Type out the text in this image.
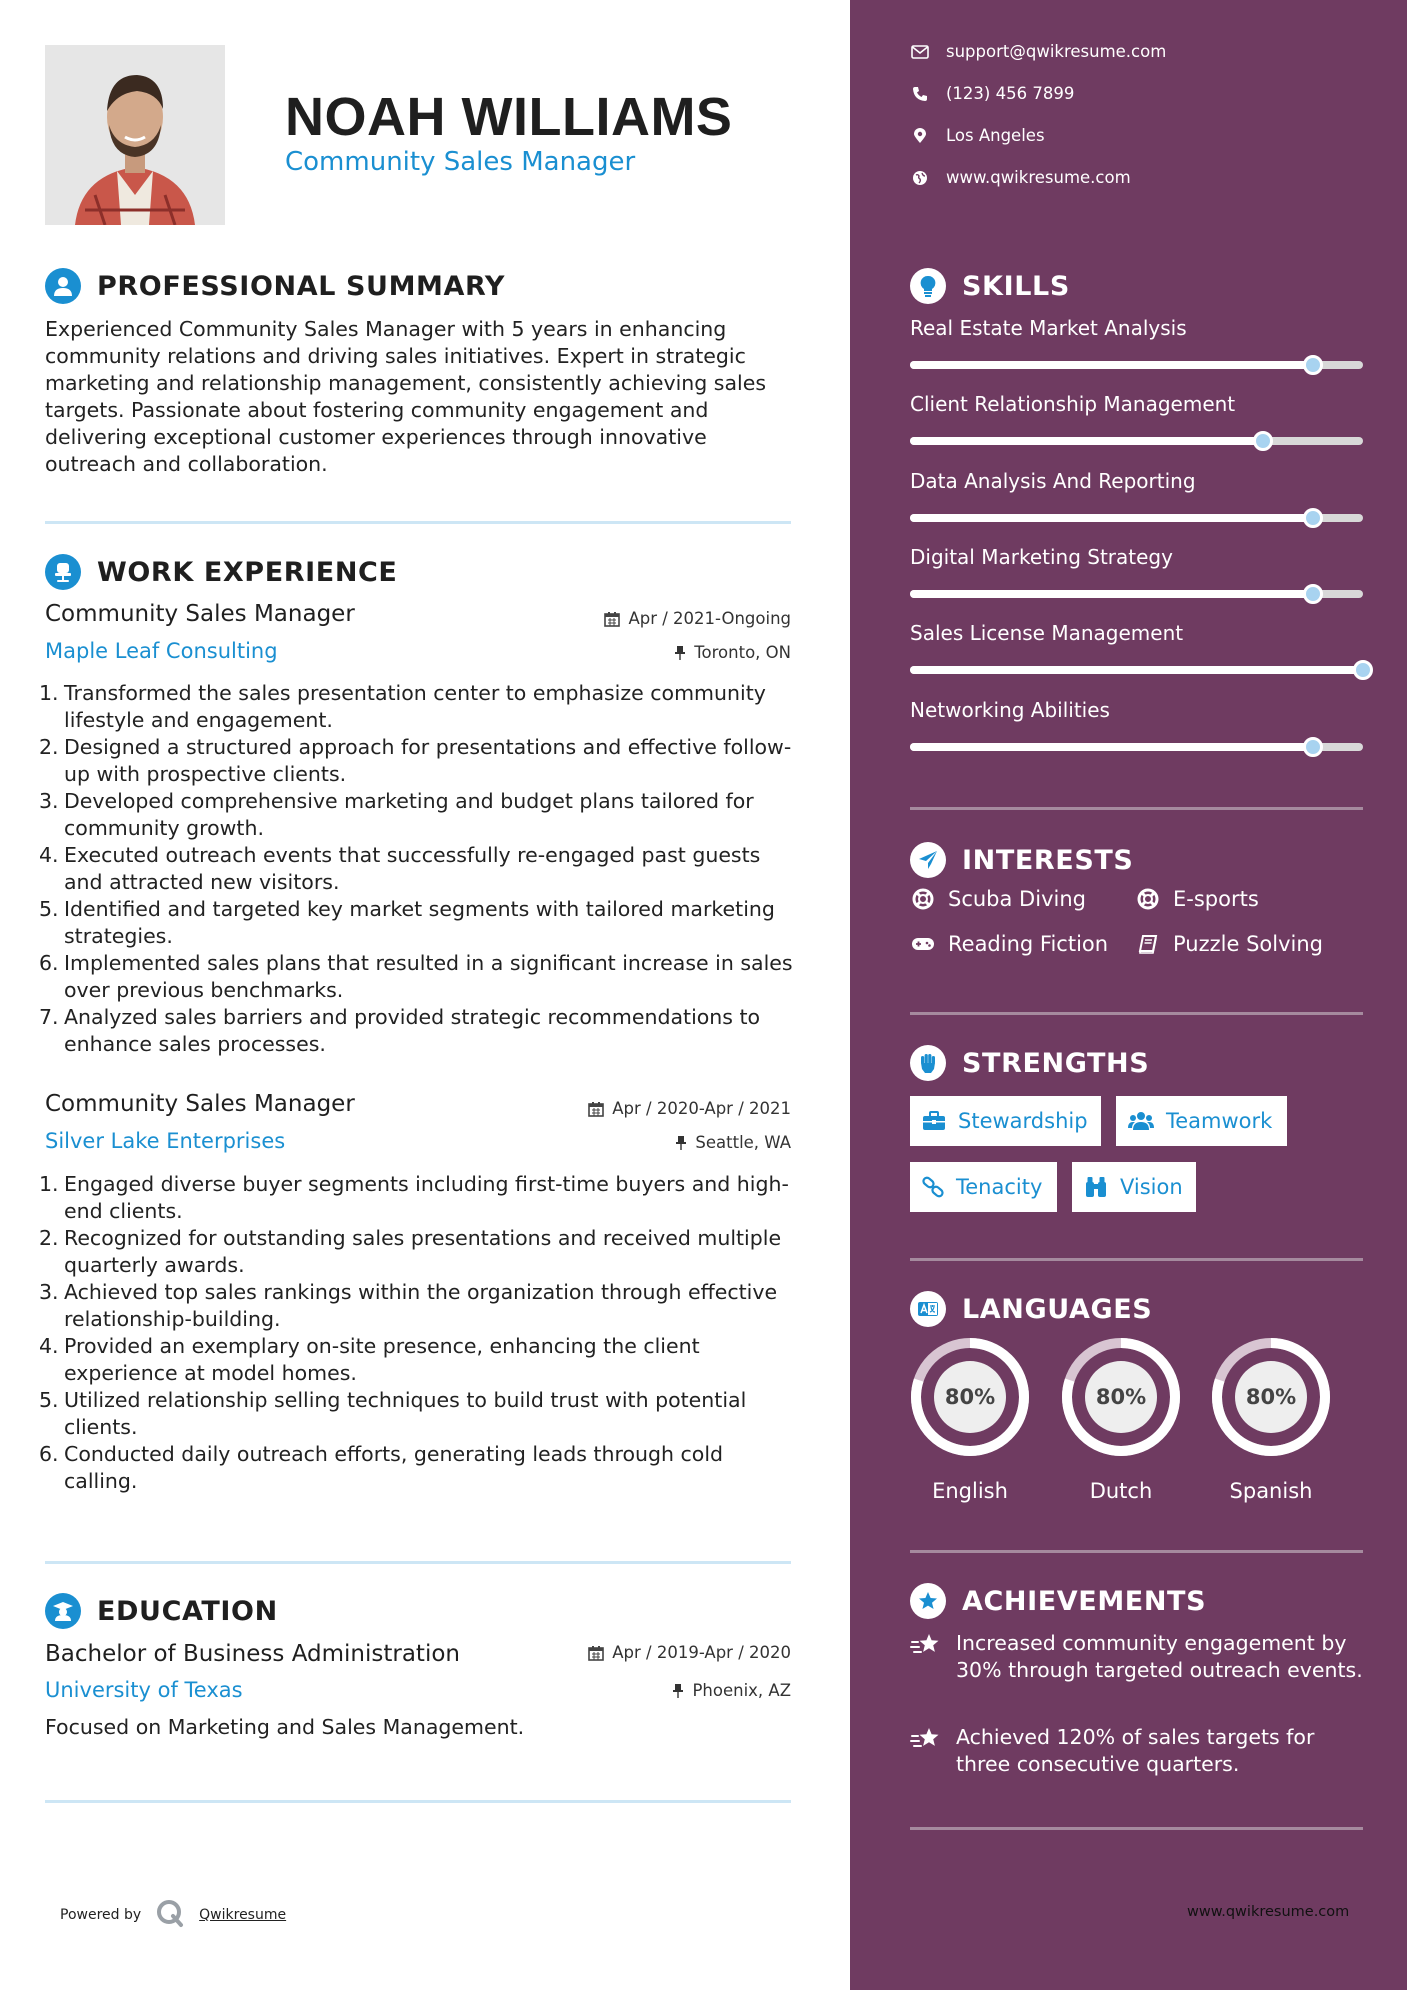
NOAH WILLIAMS
Community Sales Manager
PROFESSIONAL SUMMARY
Experienced Community Sales Manager with 5 years in enhancing community relations and driving sales initiatives. Expert in strategic marketing and relationship management, consistently achieving sales targets. Passionate about fostering community engagement and delivering exceptional customer experiences through innovative outreach and collaboration.
WORK EXPERIENCE
Community Sales Manager	Apr / 2021-Ongoing
Maple Leaf Consulting	Toronto, ON
1. Transformed the sales presentation center to emphasize community lifestyle and engagement.
2. Designed a structured approach for presentations and effective follow-up with prospective clients.
3. Developed comprehensive marketing and budget plans tailored for community growth.
4. Executed outreach events that successfully re-engaged past guests and attracted new visitors.
5. Identified and targeted key market segments with tailored marketing strategies.
6. Implemented sales plans that resulted in a significant increase in sales over previous benchmarks.
7. Analyzed sales barriers and provided strategic recommendations to enhance sales processes.
Community Sales Manager	Apr / 2020-Apr / 2021
Silver Lake Enterprises	Seattle, WA
1. Engaged diverse buyer segments including first-time buyers and high-end clients.
2. Recognized for outstanding sales presentations and received multiple quarterly awards.
3. Achieved top sales rankings within the organization through effective relationship-building.
4. Provided an exemplary on-site presence, enhancing the client experience at model homes.
5. Utilized relationship selling techniques to build trust with potential clients.
6. Conducted daily outreach efforts, generating leads through cold calling.
EDUCATION
Bachelor of Business Administration	Apr / 2019-Apr / 2020
University of Texas	Phoenix, AZ
Focused on Marketing and Sales Management.
Powered by	Qwikresume
support@qwikresume.com
(123) 456 7899
Los Angeles
www.qwikresume.com
SKILLS
Real Estate Market Analysis
Client Relationship Management
Data Analysis And Reporting
Digital Marketing Strategy
Sales License Management
Networking Abilities
INTERESTS
Scuba Diving	E-sports
Reading Fiction	Puzzle Solving
STRENGTHS
Stewardship	Teamwork
Tenacity	Vision
LANGUAGES
80%
English
80%
Dutch
80%
Spanish
ACHIEVEMENTS
Increased community engagement by 30% through targeted outreach events.
Achieved 120% of sales targets for three consecutive quarters.
www.qwikresume.com
